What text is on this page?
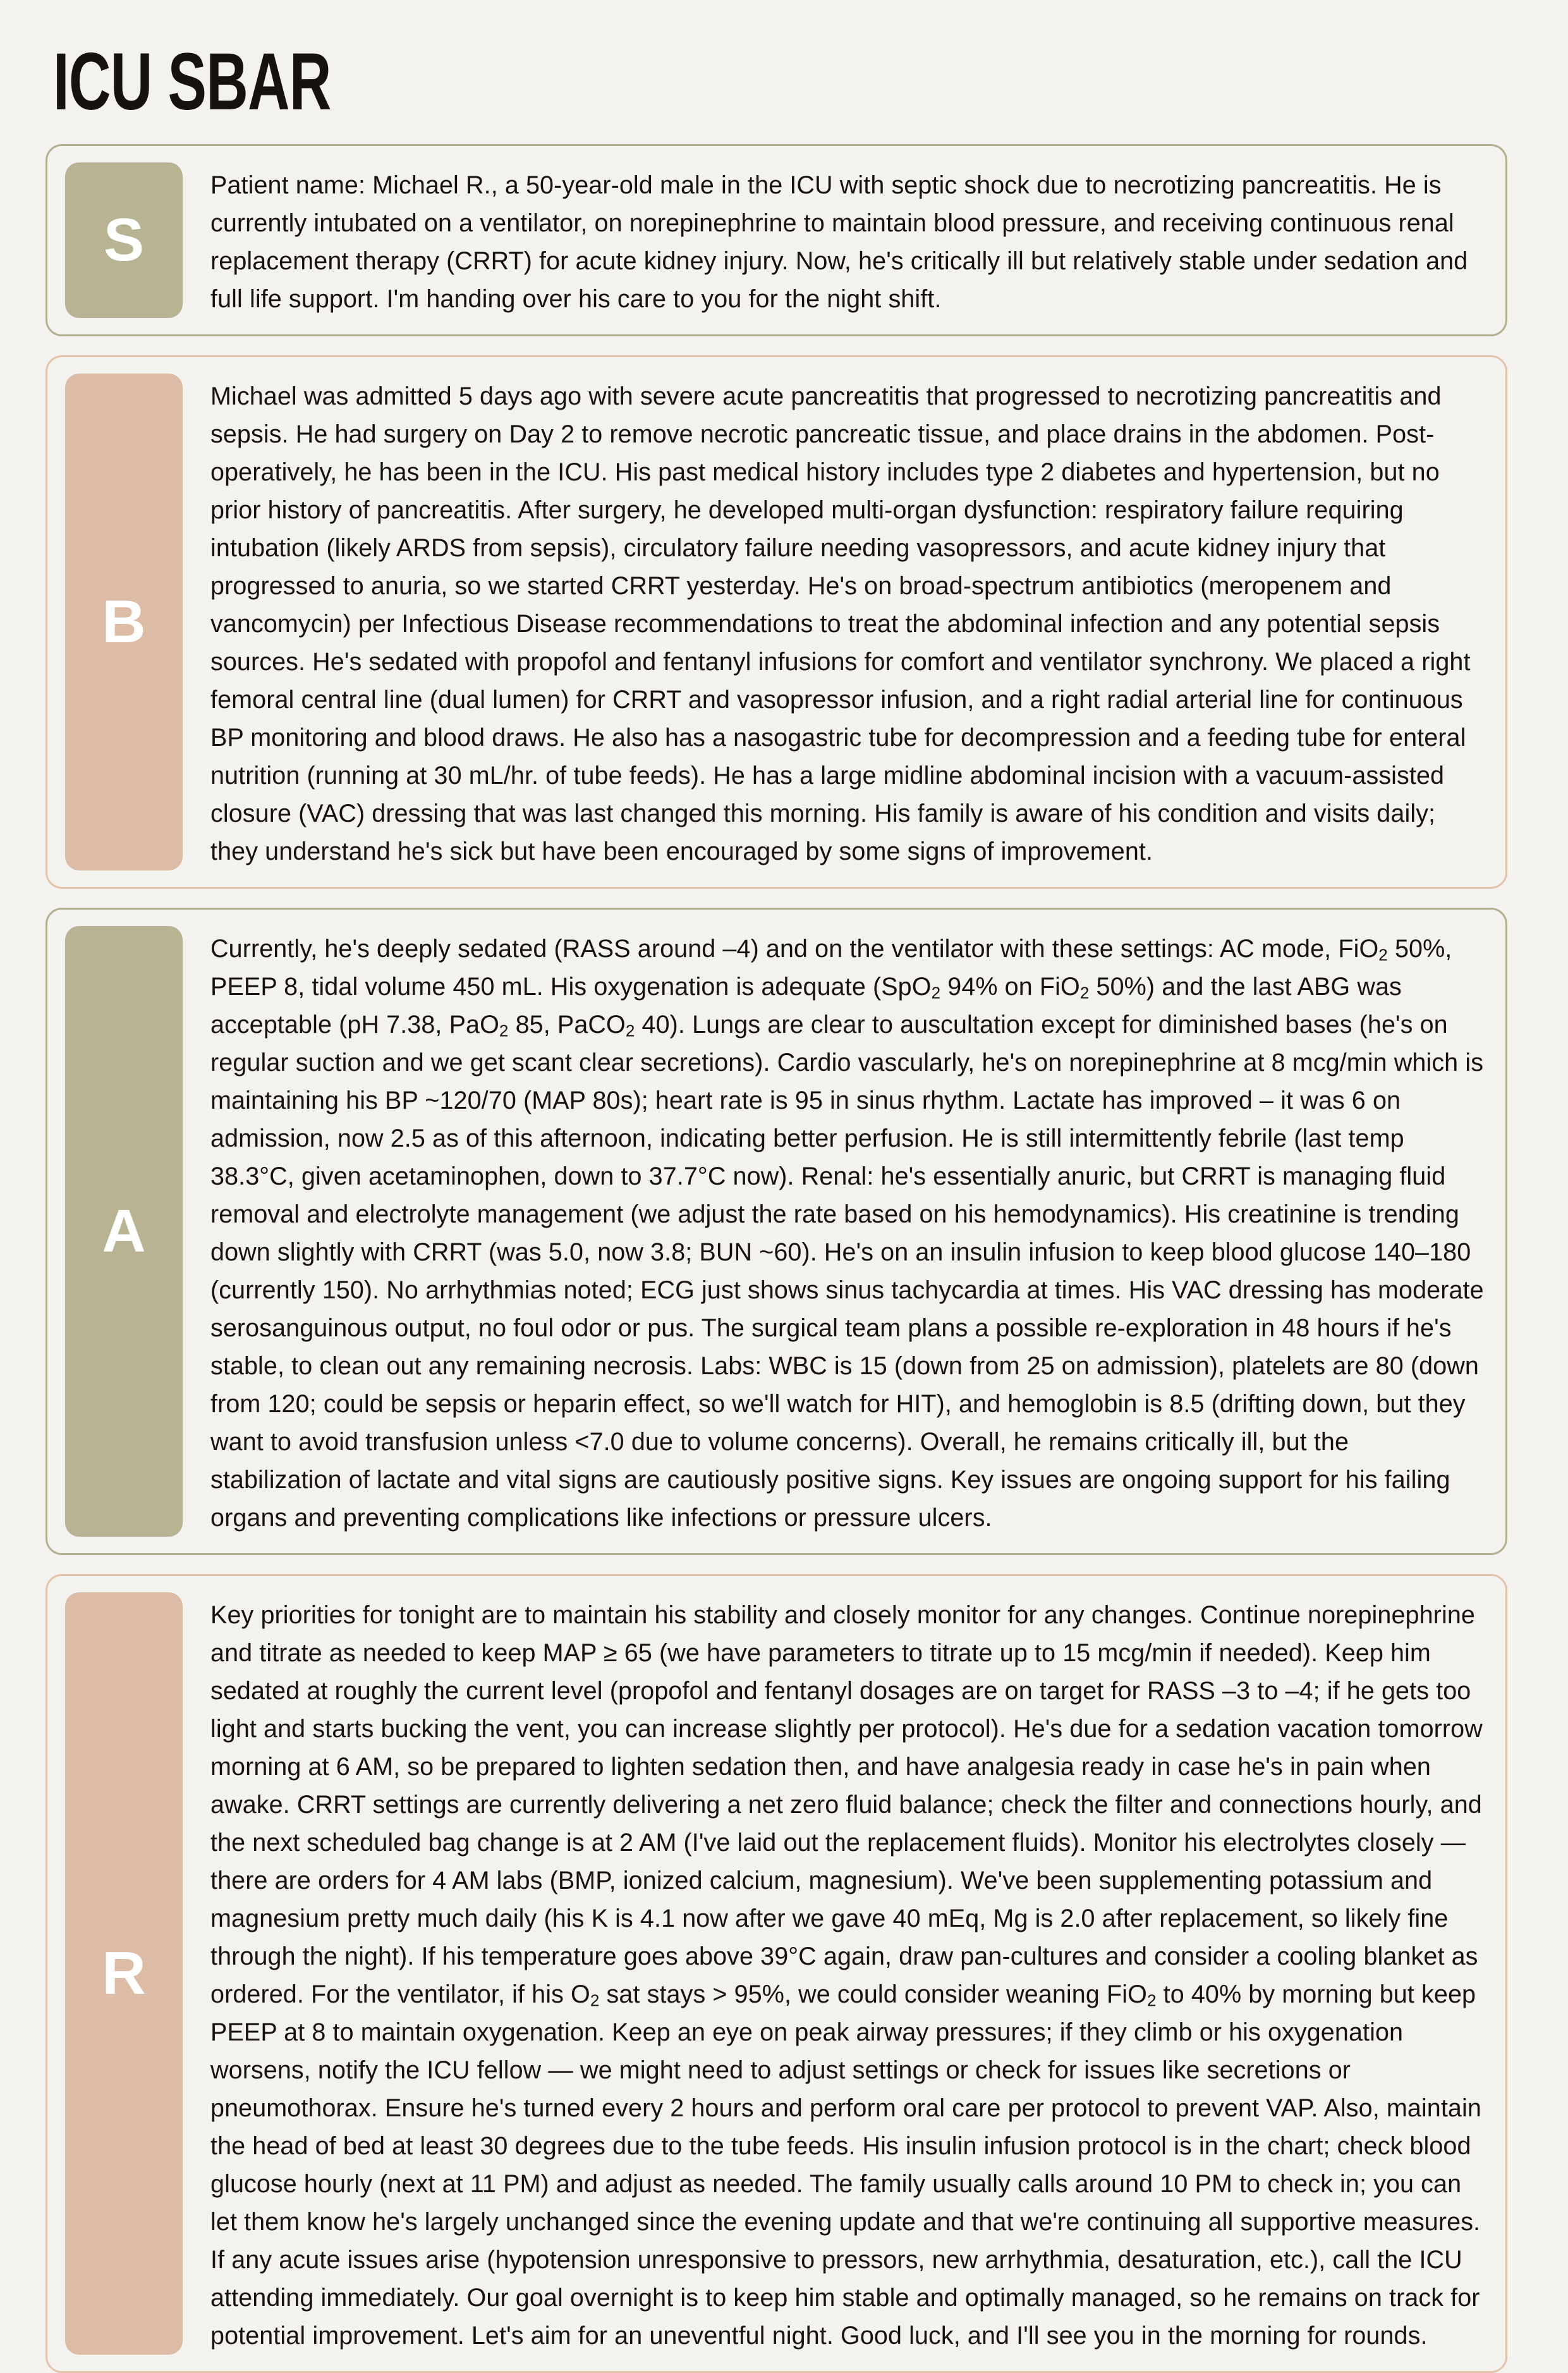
ICU SBAR
S
Patient name: Michael R., a 50-year-old male in the ICU with septic shock due to necrotizing pancreatitis. He is currently intubated on a ventilator, on norepinephrine to maintain blood pressure, and receiving continuous renal replacement therapy (CRRT) for acute kidney injury. Now, he's critically ill but relatively stable under sedation and full life support. I'm handing over his care to you for the night shift.
B
Michael was admitted 5 days ago with severe acute pancreatitis that progressed to necrotizing pancreatitis and sepsis. He had surgery on Day 2 to remove necrotic pancreatic tissue, and place drains in the abdomen. Post-operatively, he has been in the ICU. His past medical history includes type 2 diabetes and hypertension, but no prior history of pancreatitis. After surgery, he developed multi-organ dysfunction: respiratory failure requiring intubation (likely ARDS from sepsis), circulatory failure needing vasopressors, and acute kidney injury that progressed to anuria, so we started CRRT yesterday. He's on broad-spectrum antibiotics (meropenem and vancomycin) per Infectious Disease recommendations to treat the abdominal infection and any potential sepsis sources. He's sedated with propofol and fentanyl infusions for comfort and ventilator synchrony. We placed a right femoral central line (dual lumen) for CRRT and vasopressor infusion, and a right radial arterial line for continuous BP monitoring and blood draws. He also has a nasogastric tube for decompression and a feeding tube for enteral nutrition (running at 30 mL/hr. of tube feeds). He has a large midline abdominal incision with a vacuum-assisted closure (VAC) dressing that was last changed this morning. His family is aware of his condition and visits daily; they understand he's sick but have been encouraged by some signs of improvement.
A
Currently, he's deeply sedated (RASS around –4) and on the ventilator with these settings: AC mode, FiO$_2$ 50%, PEEP 8, tidal volume 450 mL. His oxygenation is adequate (SpO$_2$ 94% on FiO$_2$ 50%) and the last ABG was acceptable (pH 7.38, PaO$_2$ 85, PaCO$_2$ 40). Lungs are clear to auscultation except for diminished bases (he's on regular suction and we get scant clear secretions). Cardio vascularly, he's on norepinephrine at 8 mcg/min which is maintaining his BP ~120/70 (MAP 80s); heart rate is 95 in sinus rhythm. Lactate has improved – it was 6 on admission, now 2.5 as of this afternoon, indicating better perfusion. He is still intermittently febrile (last temp 38.3°C, given acetaminophen, down to 37.7°C now). Renal: he's essentially anuric, but CRRT is managing fluid removal and electrolyte management (we adjust the rate based on his hemodynamics). His creatinine is trending down slightly with CRRT (was 5.0, now 3.8; BUN ~60). He's on an insulin infusion to keep blood glucose 140–180 (currently 150). No arrhythmias noted; ECG just shows sinus tachycardia at times. His VAC dressing has moderate serosanguinous output, no foul odor or pus. The surgical team plans a possible re-exploration in 48 hours if he's stable, to clean out any remaining necrosis. Labs: WBC is 15 (down from 25 on admission), platelets are 80 (down from 120; could be sepsis or heparin effect, so we'll watch for HIT), and hemoglobin is 8.5 (drifting down, but they want to avoid transfusion unless <7.0 due to volume concerns). Overall, he remains critically ill, but the stabilization of lactate and vital signs are cautiously positive signs. Key issues are ongoing support for his failing organs and preventing complications like infections or pressure ulcers.
R
Key priorities for tonight are to maintain his stability and closely monitor for any changes. Continue norepinephrine and titrate as needed to keep MAP ≥ 65 (we have parameters to titrate up to 15 mcg/min if needed). Keep him sedated at roughly the current level (propofol and fentanyl dosages are on target for RASS –3 to –4; if he gets too light and starts bucking the vent, you can increase slightly per protocol). He's due for a sedation vacation tomorrow morning at 6 AM, so be prepared to lighten sedation then, and have analgesia ready in case he's in pain when awake. CRRT settings are currently delivering a net zero fluid balance; check the filter and connections hourly, and the next scheduled bag change is at 2 AM (I've laid out the replacement fluids). Monitor his electrolytes closely — there are orders for 4 AM labs (BMP, ionized calcium, magnesium). We've been supplementing potassium and magnesium pretty much daily (his K is 4.1 now after we gave 40 mEq, Mg is 2.0 after replacement, so likely fine through the night). If his temperature goes above 39°C again, draw pan-cultures and consider a cooling blanket as ordered. For the ventilator, if his $O_2$ sat stays > 95%, we could consider weaning FiO$_2$ to 40% by morning but keep PEEP at 8 to maintain oxygenation. Keep an eye on peak airway pressures; if they climb or his oxygenation worsens, notify the ICU fellow — we might need to adjust settings or check for issues like secretions or pneumothorax. Ensure he's turned every 2 hours and perform oral care per protocol to prevent VAP. Also, maintain the head of bed at least 30 degrees due to the tube feeds. His insulin infusion protocol is in the chart; check blood glucose hourly (next at 11 PM) and adjust as needed. The family usually calls around 10 PM to check in; you can let them know he's largely unchanged since the evening update and that we're continuing all supportive measures. If any acute issues arise (hypotension unresponsive to pressors, new arrhythmia, desaturation, etc.), call the ICU attending immediately. Our goal overnight is to keep him stable and optimally managed, so he remains on track for potential improvement. Let's aim for an uneventful night. Good luck, and I'll see you in the morning for rounds.
